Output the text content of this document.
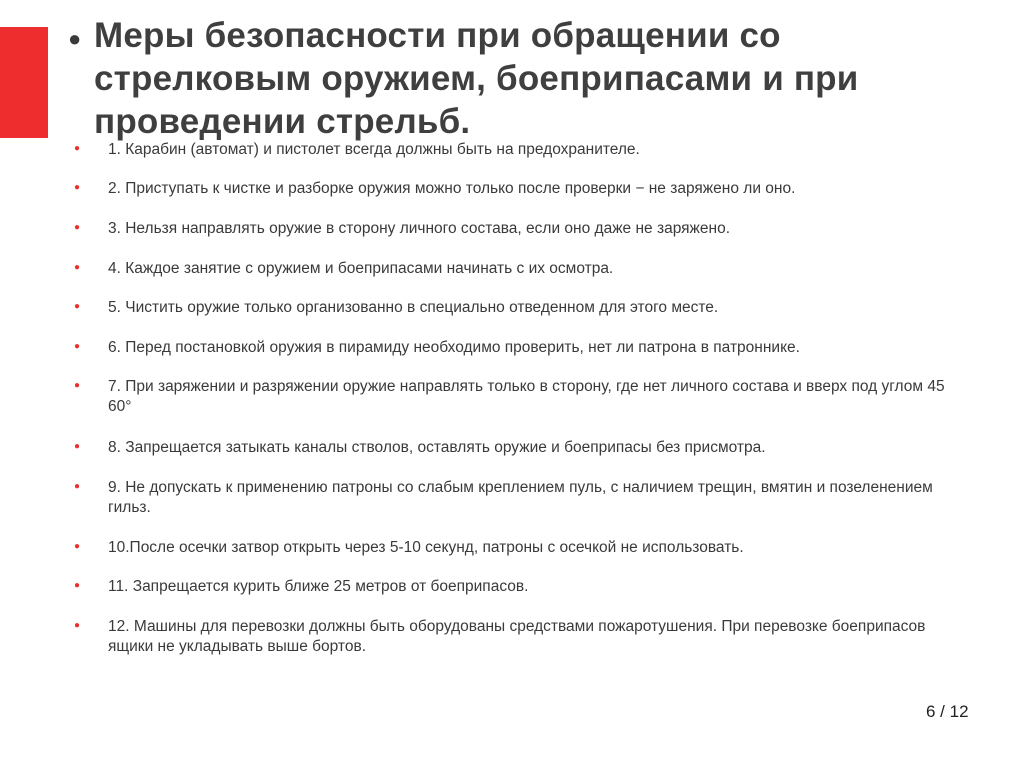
● Меры безопасности при обращении со стрелковым оружием, боеприпасами и при проведении стрельб.
● 1. Карабин (автомат) и пистолет всегда должны быть на предохранителе.
● 2. Приступать к чистке и разборке оружия можно только после проверки − не заряжено ли оно.
● 3. Нельзя направлять оружие в сторону личного состава, если оно даже не заряжено.
● 4. Каждое занятие с оружием и боеприпасами начинать с их осмотра.
● 5. Чистить оружие только организованно в специально отведенном для этого месте.
● 6. Перед постановкой оружия в пирамиду необходимо проверить, нет ли патрона в патроннике.
● 7. При заряжении и разряжении оружие направлять только в сторону, где нет личного состава и вверх под углом 45 60°
● 8. Запрещается затыкать каналы стволов, оставлять оружие и боеприпасы без присмотра.
● 9. Не допускать к применению патроны со слабым креплением пуль, с наличием трещин, вмятин и позеленением гильз.
● 10.После осечки затвор открыть через 5-10 секунд, патроны с осечкой не использовать.
● 11. Запрещается курить ближе 25 метров от боеприпасов.
● 12. Машины для перевозки должны быть оборудованы средствами пожаротушения. При перевозке боеприпасов ящики не укладывать выше бортов.
6 / 12
